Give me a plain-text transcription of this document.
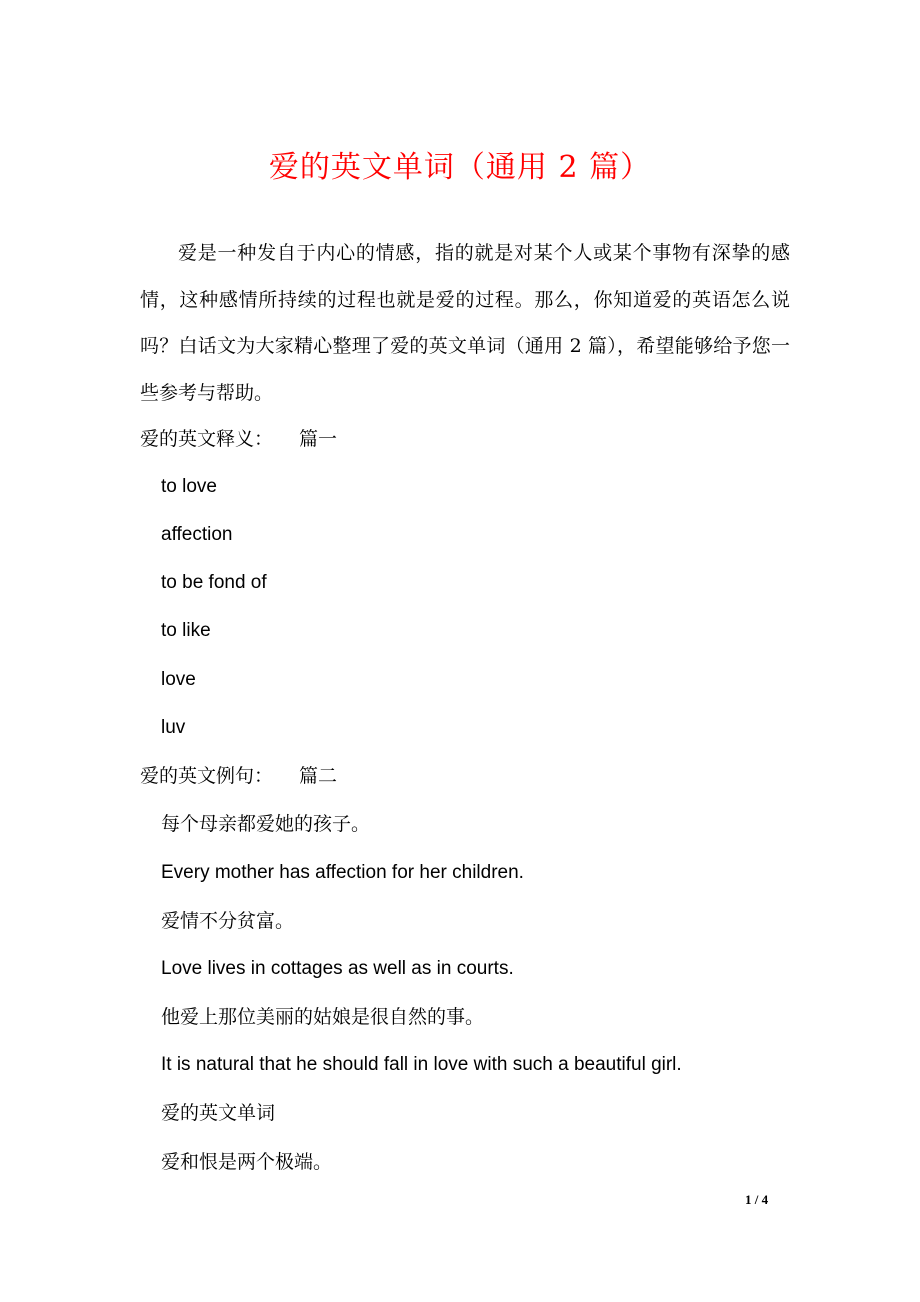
爱的英文单词（通用 2 篇）

爱是一种发自于内心的情感，指的就是对某个人或某个事物有深挚的感情，这种感情所持续的过程也就是爱的过程。那么，你知道爱的英语怎么说吗？白话文为大家精心整理了爱的英文单词（通用 2 篇），希望能够给予您一些参考与帮助。

爱的英文释义： 篇一

to love

affection

to be fond of

to like

love

luv

爱的英文例句： 篇二

每个母亲都爱她的孩子。

Every mother has affection for her children.

爱情不分贫富。

Love lives in cottages as well as in courts.

他爱上那位美丽的姑娘是很自然的事。

It is natural that he should fall in love with such a beautiful girl.

爱的英文单词

爱和恨是两个极端。

1 / 4
